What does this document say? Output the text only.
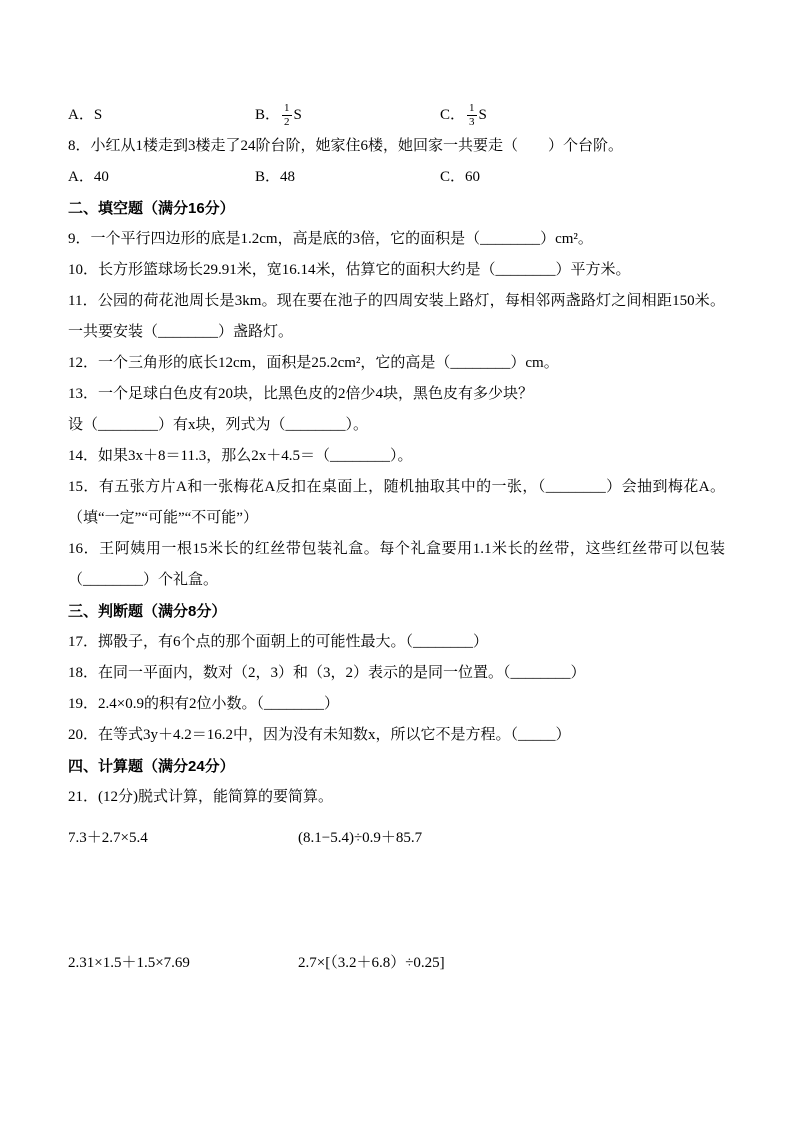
A．S	B． $\frac{1}{2}$ S	C． $\frac{1}{3}$ S

8．小红从1楼走到3楼走了24阶台阶，她家住6楼，她回家一共要走（　　）个台阶。

A．40	B．48	C．60

二、填空题（满分16分）

9．一个平行四边形的底是1.2cm，高是底的3倍，它的面积是（________）cm²。

10．长方形篮球场长29.91米，宽16.14米，估算它的面积大约是（________）平方米。

11．公园的荷花池周长是3km。现在要在池子的四周安装上路灯，每相邻两盏路灯之间相距150米。一共要安装（________）盏路灯。

12．一个三角形的底长12cm，面积是25.2cm²，它的高是（________）cm。

13．一个足球白色皮有20块，比黑色皮的2倍少4块，黑色皮有多少块？

设（________）有x块，列式为（________）。

14．如果3x＋8＝11.3，那么2x＋4.5＝（________）。

15．有五张方片A和一张梅花A反扣在桌面上，随机抽取其中的一张，（________）会抽到梅花A。（填“一定”“可能”“不可能”）

16．王阿姨用一根15米长的红丝带包装礼盒。每个礼盒要用1.1米长的丝带，这些红丝带可以包装（________）个礼盒。

三、判断题（满分8分）

17．掷骰子，有6个点的那个面朝上的可能性最大。（________）

18．在同一平面内，数对（2，3）和（3，2）表示的是同一位置。（________）

19．2.4×0.9的积有2位小数。（________）

20．在等式3y＋4.2＝16.2中，因为没有未知数x，所以它不是方程。（_____）

四、计算题（满分24分）

21．(12分)脱式计算，能简算的要简算。

7.3＋2.7×5.4	(8.1−5.4)÷0.9＋85.7
2.31×1.5＋1.5×7.69	2.7×[（3.2＋6.8）÷0.25]
